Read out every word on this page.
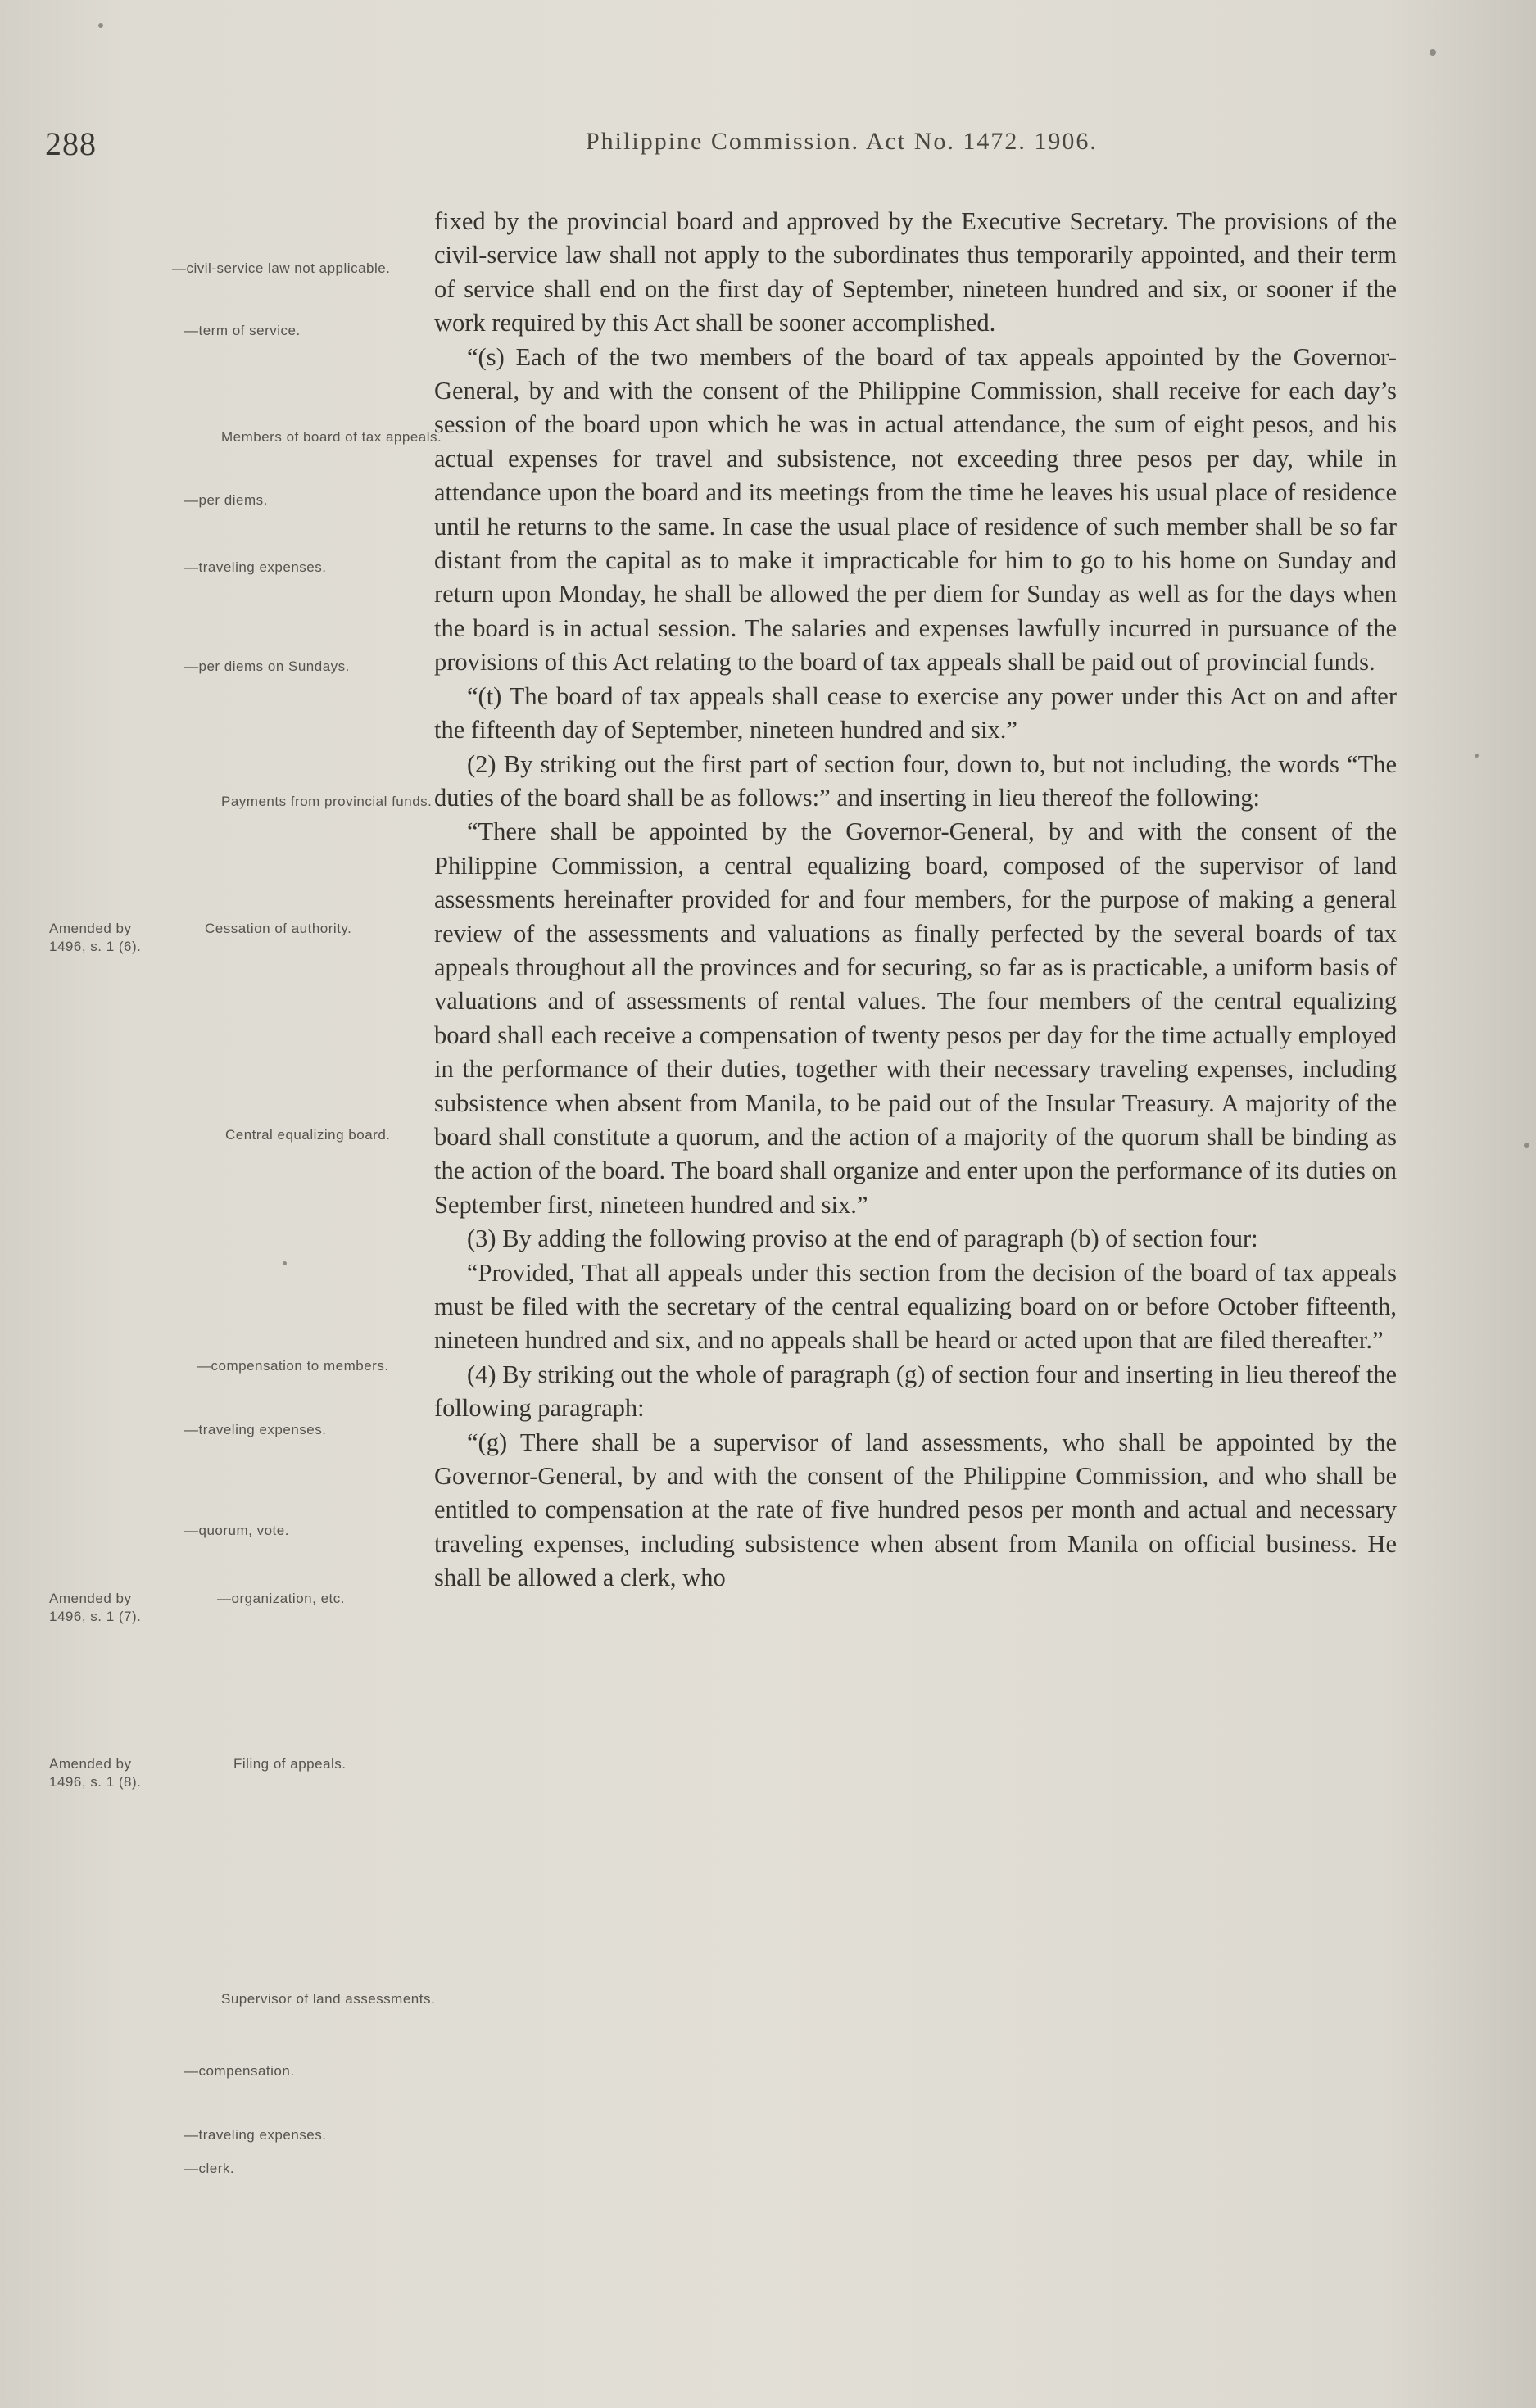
288	Philippine Commission. Act No. 1472. 1906.
—civil-service law not applicable.
—term of service.
Members of board of tax appeals.
—per diems.
—traveling expenses.
—per diems on Sundays.
Payments from provincial funds.
Cessation of authority.
Central equalizing board.
—compensation to members.
—traveling expenses.
—quorum, vote.
—organization, etc.
Filing of appeals.
Supervisor of land assessments.
—compensation.
—traveling expenses.
—clerk.
Amended by 1496, s. 1 (6).
Amended by 1496, s. 1 (7).
Amended by 1496, s. 1 (8).

fixed by the provincial board and approved by the Executive Secretary. The provisions of the civil-service law shall not apply to the subordinates thus temporarily appointed, and their term of service shall end on the first day of September, nineteen hundred and six, or sooner if the work required by this Act shall be sooner accomplished.

“(s) Each of the two members of the board of tax appeals appointed by the Governor-General, by and with the consent of the Philippine Commission, shall receive for each day’s session of the board upon which he was in actual attendance, the sum of eight pesos, and his actual expenses for travel and subsistence, not exceeding three pesos per day, while in attendance upon the board and its meetings from the time he leaves his usual place of residence until he returns to the same. In case the usual place of residence of such member shall be so far distant from the capital as to make it impracticable for him to go to his home on Sunday and return upon Monday, he shall be allowed the per diem for Sunday as well as for the days when the board is in actual session. The salaries and expenses lawfully incurred in pursuance of the provisions of this Act relating to the board of tax appeals shall be paid out of provincial funds.

“(t) The board of tax appeals shall cease to exercise any power under this Act on and after the fifteenth day of September, nineteen hundred and six.”

(2) By striking out the first part of section four, down to, but not including, the words “The duties of the board shall be as follows:” and inserting in lieu thereof the following:

“There shall be appointed by the Governor-General, by and with the consent of the Philippine Commission, a central equalizing board, composed of the supervisor of land assessments hereinafter provided for and four members, for the purpose of making a general review of the assessments and valuations as finally perfected by the several boards of tax appeals throughout all the provinces and for securing, so far as is practicable, a uniform basis of valuations and of assessments of rental values. The four members of the central equalizing board shall each receive a compensation of twenty pesos per day for the time actually employed in the performance of their duties, together with their necessary traveling expenses, including subsistence when absent from Manila, to be paid out of the Insular Treasury. A majority of the board shall constitute a quorum, and the action of a majority of the quorum shall be binding as the action of the board. The board shall organize and enter upon the performance of its duties on September first, nineteen hundred and six.”

(3) By adding the following proviso at the end of paragraph (b) of section four:

“Provided, That all appeals under this section from the decision of the board of tax appeals must be filed with the secretary of the central equalizing board on or before October fifteenth, nineteen hundred and six, and no appeals shall be heard or acted upon that are filed thereafter.”

(4) By striking out the whole of paragraph (g) of section four and inserting in lieu thereof the following paragraph:

“(g) There shall be a supervisor of land assessments, who shall be appointed by the Governor-General, by and with the consent of the Philippine Commission, and who shall be entitled to compensation at the rate of five hundred pesos per month and actual and necessary traveling expenses, including subsistence when absent from Manila on official business. He shall be allowed a clerk, who
